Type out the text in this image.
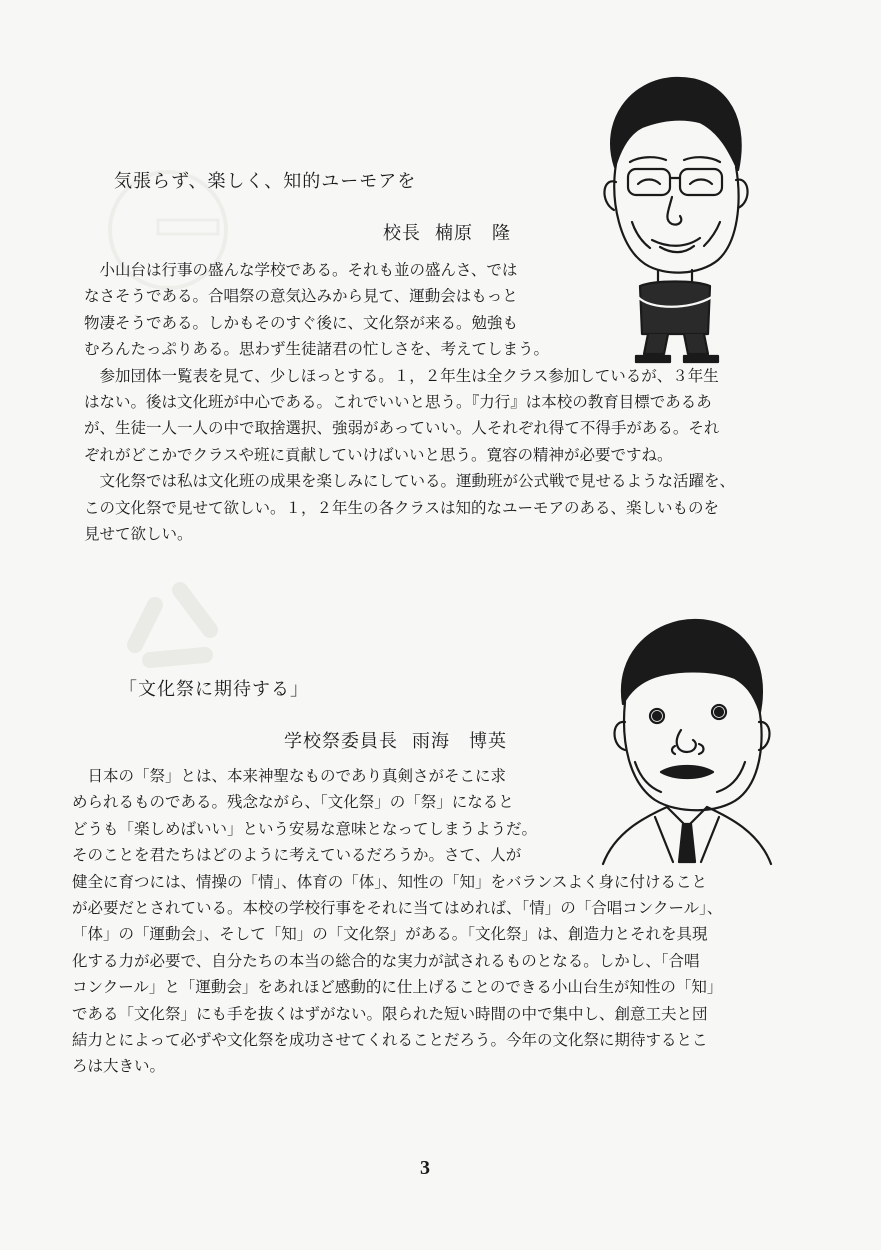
気張らず、楽しく、知的ユーモアを
校長 楠原　隆
　小山台は行事の盛んな学校である。それも並の盛んさ、では
なさそうである。合唱祭の意気込みから見て、運動会はもっと
物凄そうである。しかもそのすぐ後に、文化祭が来る。勉強も
むろんたっぷりある。思わず生徒諸君の忙しさを、考えてしまう。
　参加団体一覧表を見て、少しほっとする。１，２年生は全クラス参加しているが、３年生
はない。後は文化班が中心である。これでいいと思う。『力行』は本校の教育目標であるあ
が、生徒一人一人の中で取捨選択、強弱があっていい。人それぞれ得て不得手がある。それ
ぞれがどこかでクラスや班に貢献していけばいいと思う。寛容の精神が必要ですね。
　文化祭では私は文化班の成果を楽しみにしている。運動班が公式戦で見せるような活躍を、
この文化祭で見せて欲しい。１，２年生の各クラスは知的なユーモアのある、楽しいものを
見せて欲しい。
「文化祭に期待する」
学校祭委員長 雨海　博英
　日本の「祭」とは、本来神聖なものであり真剣さがそこに求
められるものである。残念ながら、「文化祭」の「祭」になると
どうも「楽しめばいい」という安易な意味となってしまうようだ。
そのことを君たちはどのように考えているだろうか。さて、人が
健全に育つには、情操の「情」、体育の「体」、知性の「知」をバランスよく身に付けること
が必要だとされている。本校の学校行事をそれに当てはめれば、「情」の「合唱コンクール」、
「体」の「運動会」、そして「知」の「文化祭」がある。「文化祭」は、創造力とそれを具現
化する力が必要で、自分たちの本当の総合的な実力が試されるものとなる。しかし、「合唱
コンクール」と「運動会」をあれほど感動的に仕上げることのできる小山台生が知性の「知」
である「文化祭」にも手を抜くはずがない。限られた短い時間の中で集中し、創意工夫と団
結力とによって必ずや文化祭を成功させてくれることだろう。今年の文化祭に期待するとこ
ろは大きい。
3
